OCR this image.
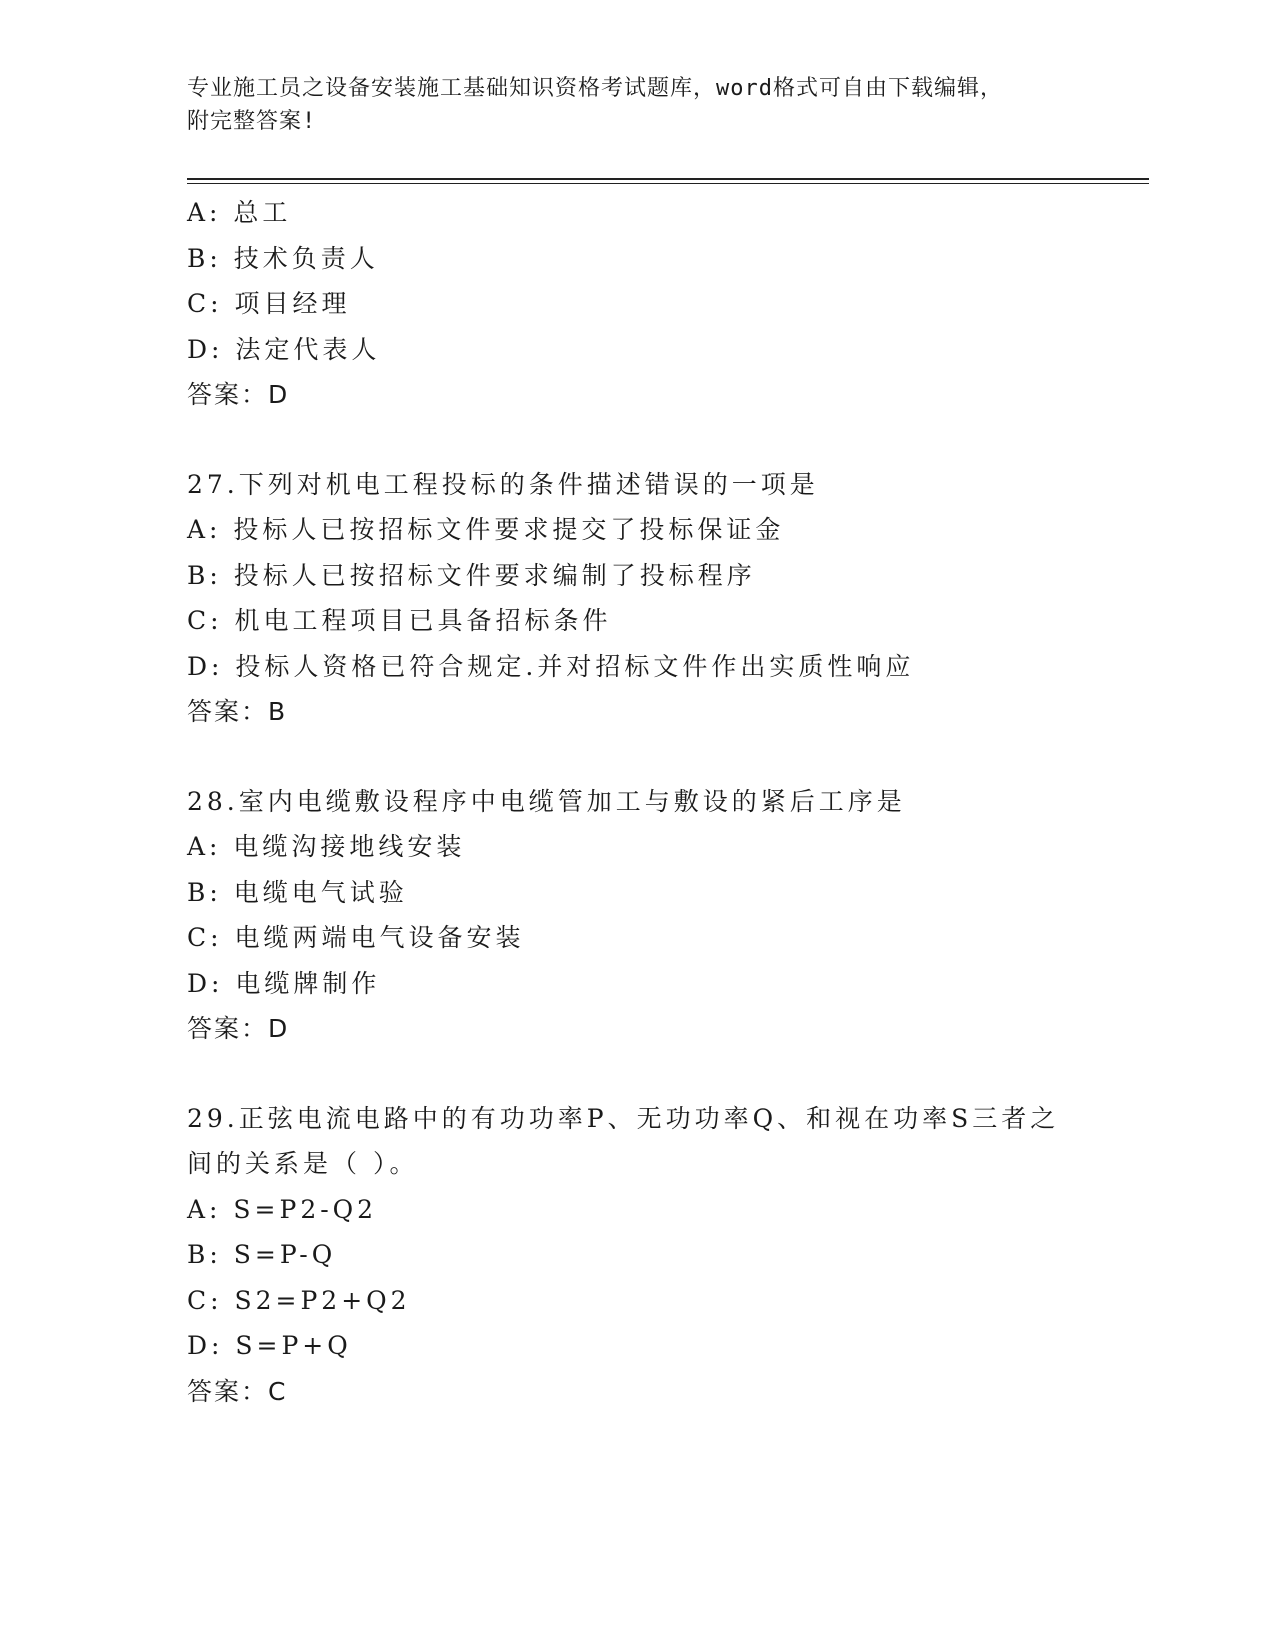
专业施工员之设备安装施工基础知识资格考试题库，word格式可自由下载编辑，
附完整答案!
A: 总工
B: 技术负责人
C: 项目经理
D: 法定代表人
答案：D
27.下列对机电工程投标的条件描述错误的一项是
A: 投标人已按招标文件要求提交了投标保证金
B: 投标人已按招标文件要求编制了投标程序
C: 机电工程项目已具备招标条件
D: 投标人资格已符合规定.并对招标文件作出实质性响应
答案：B
28.室内电缆敷设程序中电缆管加工与敷设的紧后工序是
A: 电缆沟接地线安装
B: 电缆电气试验
C: 电缆两端电气设备安装
D: 电缆牌制作
答案：D
29.正弦电流电路中的有功功率P、无功功率Q、和视在功率S三者之
间的关系是（ ）。
A: S=P2-Q2
B: S=P-Q
C: S2=P2+Q2
D: S=P+Q
答案：C
